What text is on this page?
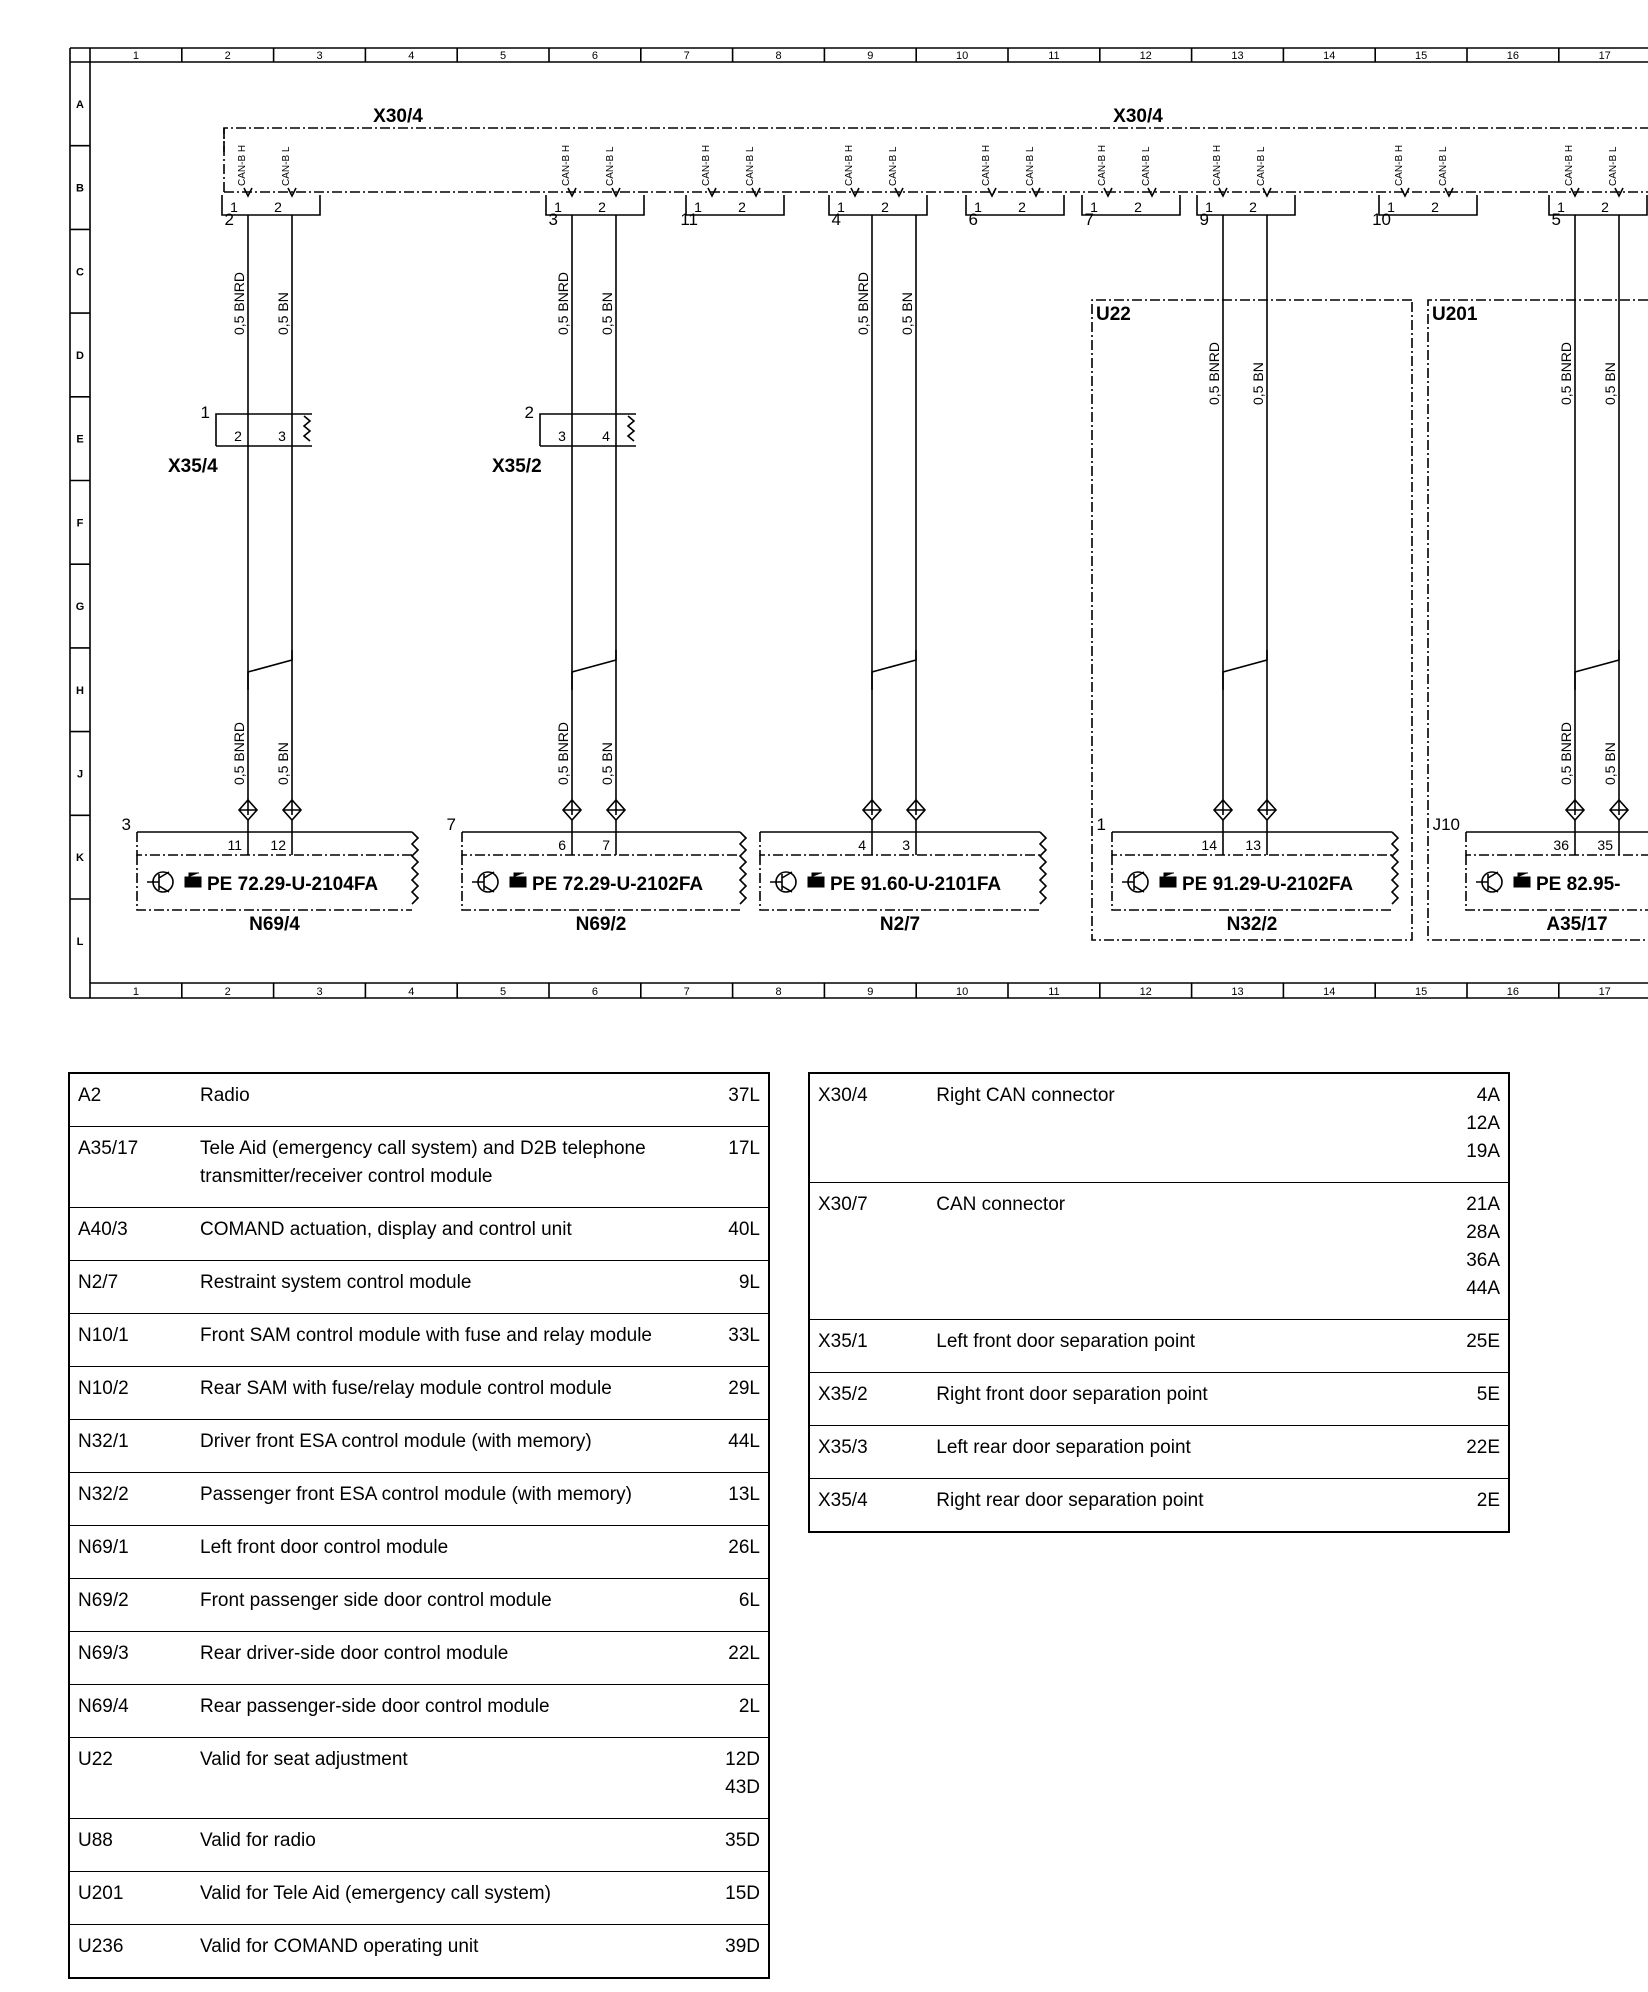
1
1
2
2
3
3
4
4
5
5
6
6
7
7
8
8
9
9
10
10
11
11
12
12
13
13
14
14
15
15
16
16
17
17
A
B
C
D
E
F
G
H
J
K
L
X30/4	X30/4
2
1	2
CAN-B H	CAN-B L
3
1	2
CAN-B H	CAN-B L
11
1	2
CAN-B H	CAN-B L
4
1	2
CAN-B H	CAN-B L
6
1	2
CAN-B H	CAN-B L
7
1	2
CAN-B H	CAN-B L
9
1	2
CAN-B H	CAN-B L
10
1	2
CAN-B H	CAN-B L
5
1	2
CAN-B H	CAN-B L
0,5 BNRD
0,5 BNRD
0,5 BN
0,5 BN
0,5 BNRD
0,5 BNRD
0,5 BN
0,5 BN
0,5 BNRD 0,5 BN
0,5 BNRD 0,5 BN	0,5 BNRD
0,5 BNRD
0,5 BN
0,5 BN
1
2	3
X35/4
2
3	4
X35/2
U22	U201
3
11 12
PE 72.29-U-2104FA
N69/4
7
6	7
PE 72.29-U-2102FA
N69/2
4	3
PE 91.60-U-2101FA
N2/7
1
14 13
PE 91.29-U-2102FA
N32/2
J10
36 35
PE 82.95-
A35/17
A2	Radio	37L
A35/17	Tele Aid (emergency call system) and D2B telephone transmitter/receiver control module	17L
A40/3	COMAND actuation, display and control unit	40L
N2/7	Restraint system control module	9L
N10/1	Front SAM control module with fuse and relay module	33L
N10/2	Rear SAM with fuse/relay module control module	29L
N32/1	Driver front ESA control module (with memory)	44L
N32/2	Passenger front ESA control module (with memory)	13L
N69/1	Left front door control module	26L
N69/2	Front passenger side door control module	6L
N69/3	Rear driver-side door control module	22L
N69/4	Rear passenger-side door control module	2L
U22	Valid for seat adjustment	12D
43D
U88	Valid for radio	35D
U201	Valid for Tele Aid (emergency call system)	15D
U236	Valid for COMAND operating unit	39D
X30/4	Right CAN connector	4A
12A
19A
X30/7	CAN connector	21A
28A
36A
44A
X35/1	Left front door separation point	25E
X35/2	Right front door separation point	5E
X35/3	Left rear door separation point	22E
X35/4	Right rear door separation point	2E
